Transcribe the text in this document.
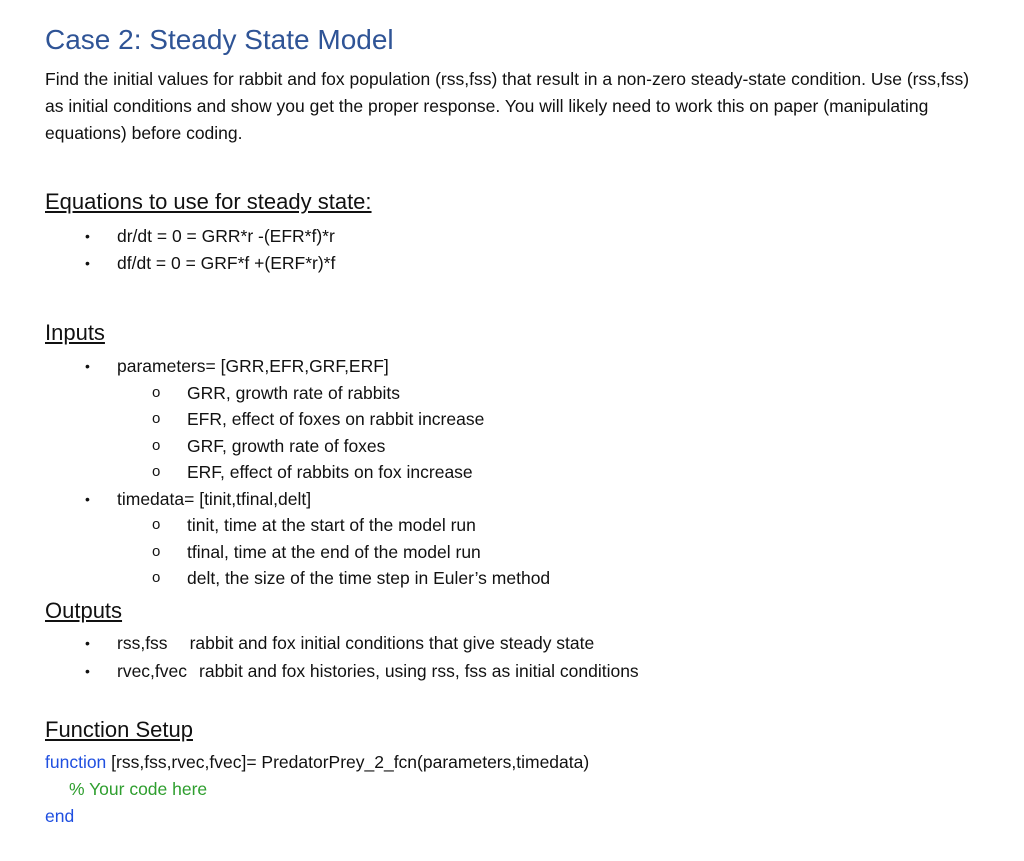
Case 2: Steady State Model
Find the initial values for rabbit and fox population (rss,fss) that result in a non-zero steady-state condition. Use (rss,fss) as initial conditions and show you get the proper response. You will likely need to work this on paper (manipulating equations) before coding.
Equations to use for steady state:
• dr/dt = 0 = GRR*r -(EFR*f)*r
• df/dt = 0 = GRF*f +(ERF*r)*f
Inputs
• parameters= [GRR,EFR,GRF,ERF]
o GRR, growth rate of rabbits
o EFR, effect of foxes on rabbit increase
o GRF, growth rate of foxes
o ERF, effect of rabbits on fox increase
• timedata= [tinit,tfinal,delt]
o tinit, time at the start of the model run
o tfinal, time at the end of the model run
o delt, the size of the time step in Euler’s method
Outputs
• rss,fss rabbit and fox initial conditions that give steady state
• rvec,fvec rabbit and fox histories, using rss, fss as initial conditions
Function Setup
function [rss,fss,rvec,fvec]= PredatorPrey_2_fcn(parameters,timedata)
% Your code here
end
